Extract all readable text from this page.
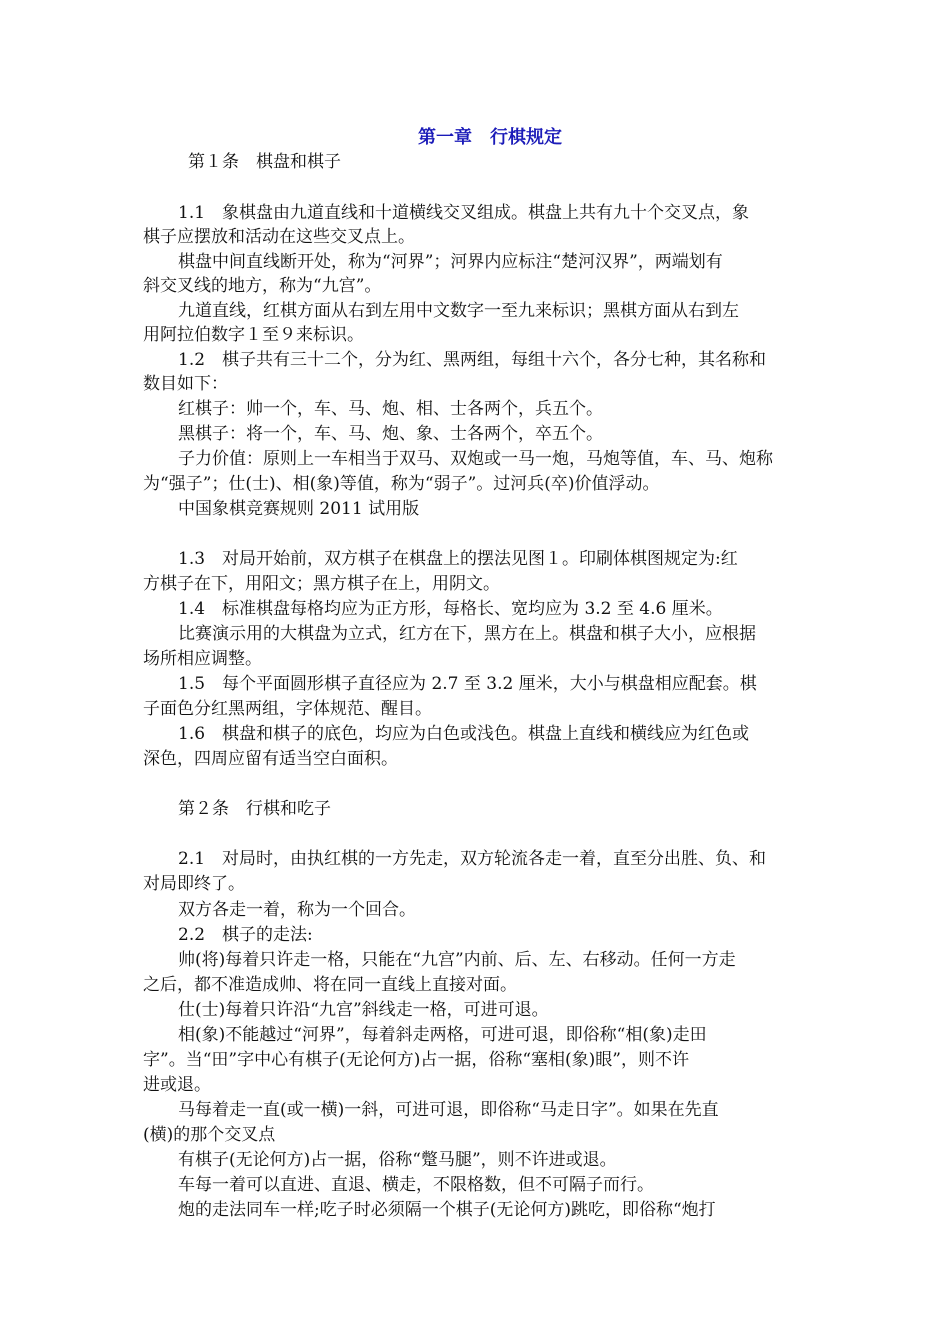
第一章　行棋规定

第１条　棋盘和棋子

1.1　象棋盘由九道直线和十道横线交叉组成。棋盘上共有九十个交叉点，象

棋子应摆放和活动在这些交叉点上。

棋盘中间直线断开处，称为“河界”；河界内应标注“楚河汉界”，两端划有

斜交叉线的地方，称为“九宫”。

九道直线，红棋方面从右到左用中文数字一至九来标识；黑棋方面从右到左

用阿拉伯数字１至９来标识。

1.2　棋子共有三十二个，分为红、黑两组，每组十六个，各分七种，其名称和

数目如下：

红棋子：帅一个，车、马、炮、相、士各两个，兵五个。

黑棋子：将一个，车、马、炮、象、士各两个，卒五个。

子力价值：原则上一车相当于双马、双炮或一马一炮，马炮等值，车、马、炮称

为“强子”；仕(士)、相(象)等值，称为“弱子”。过河兵(卒)价值浮动。

中国象棋竞赛规则 2011 试用版

1.3　对局开始前，双方棋子在棋盘上的摆法见图１。印刷体棋图规定为:红

方棋子在下，用阳文；黑方棋子在上，用阴文。

1.4　标准棋盘每格均应为正方形，每格长、宽均应为 3.2 至 4.6 厘米。

比赛演示用的大棋盘为立式，红方在下，黑方在上。棋盘和棋子大小，应根据

场所相应调整。

1.5　每个平面圆形棋子直径应为 2.7 至 3.2 厘米，大小与棋盘相应配套。棋

子面色分红黑两组，字体规范、醒目。

1.6　棋盘和棋子的底色，均应为白色或浅色。棋盘上直线和横线应为红色或

深色，四周应留有适当空白面积。

第２条　行棋和吃子

2.1　对局时，由执红棋的一方先走，双方轮流各走一着，直至分出胜、负、和

对局即终了。

双方各走一着，称为一个回合。

2.2　棋子的走法:

帅(将)每着只许走一格，只能在“九宫”内前、后、左、右移动。任何一方走

之后，都不准造成帅、将在同一直线上直接对面。

仕(士)每着只许沿“九宫”斜线走一格，可进可退。

相(象)不能越过“河界”，每着斜走两格，可进可退，即俗称“相(象)走田

字”。当“田”字中心有棋子(无论何方)占一据，俗称“塞相(象)眼”，则不许

进或退。

马每着走一直(或一横)一斜，可进可退，即俗称“马走日字”。如果在先直

(横)的那个交叉点

有棋子(无论何方)占一据，俗称“蹩马腿”，则不许进或退。

车每一着可以直进、直退、横走，不限格数，但不可隔子而行。

炮的走法同车一样;吃子时必须隔一个棋子(无论何方)跳吃，即俗称“炮打
